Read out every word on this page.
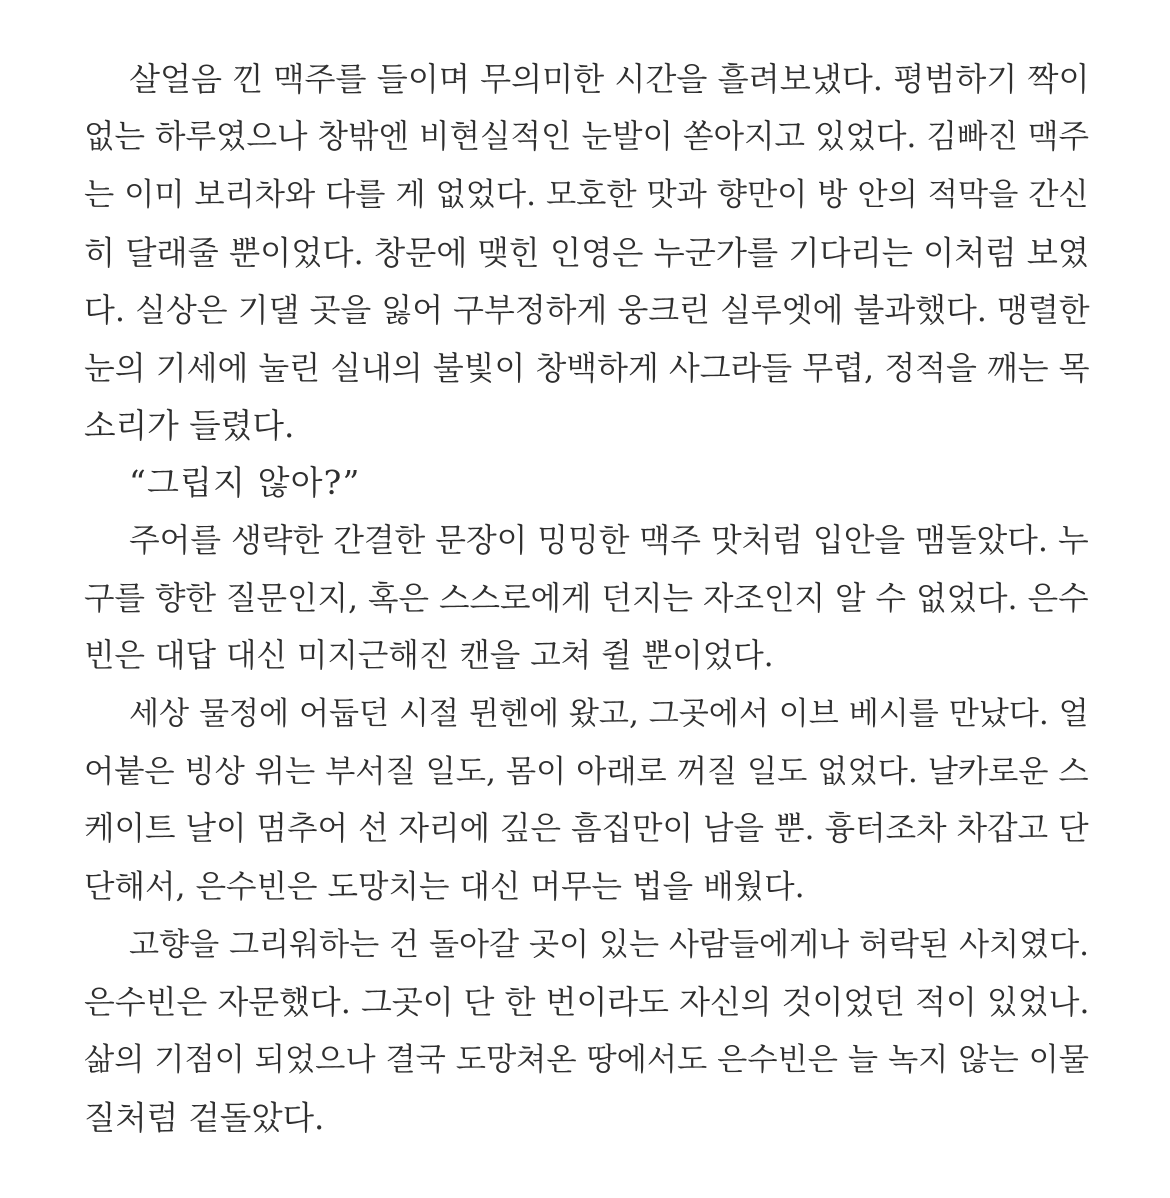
살얼음 낀 맥주를 들이며 무의미한 시간을 흘려보냈다. 평범하기 짝이
없는 하루였으나 창밖엔 비현실적인 눈발이 쏟아지고 있었다. 김빠진 맥주
는 이미 보리차와 다를 게 없었다. 모호한 맛과 향만이 방 안의 적막을 간신
히 달래줄 뿐이었다. 창문에 맺힌 인영은 누군가를 기다리는 이처럼 보였
다. 실상은 기댈 곳을 잃어 구부정하게 웅크린 실루엣에 불과했다. 맹렬한
눈의 기세에 눌린 실내의 불빛이 창백하게 사그라들 무렵, 정적을 깨는 목
소리가 들렸다.
“그립지 않아?”
주어를 생략한 간결한 문장이 밍밍한 맥주 맛처럼 입안을 맴돌았다. 누
구를 향한 질문인지, 혹은 스스로에게 던지는 자조인지 알 수 없었다. 은수
빈은 대답 대신 미지근해진 캔을 고쳐 쥘 뿐이었다.
세상 물정에 어둡던 시절 뮌헨에 왔고, 그곳에서 이브 베시를 만났다. 얼
어붙은 빙상 위는 부서질 일도, 몸이 아래로 꺼질 일도 없었다. 날카로운 스
케이트 날이 멈추어 선 자리에 깊은 흠집만이 남을 뿐. 흉터조차 차갑고 단
단해서, 은수빈은 도망치는 대신 머무는 법을 배웠다.
고향을 그리워하는 건 돌아갈 곳이 있는 사람들에게나 허락된 사치였다.
은수빈은 자문했다. 그곳이 단 한 번이라도 자신의 것이었던 적이 있었나.
삶의 기점이 되었으나 결국 도망쳐온 땅에서도 은수빈은 늘 녹지 않는 이물
질처럼 겉돌았다.
